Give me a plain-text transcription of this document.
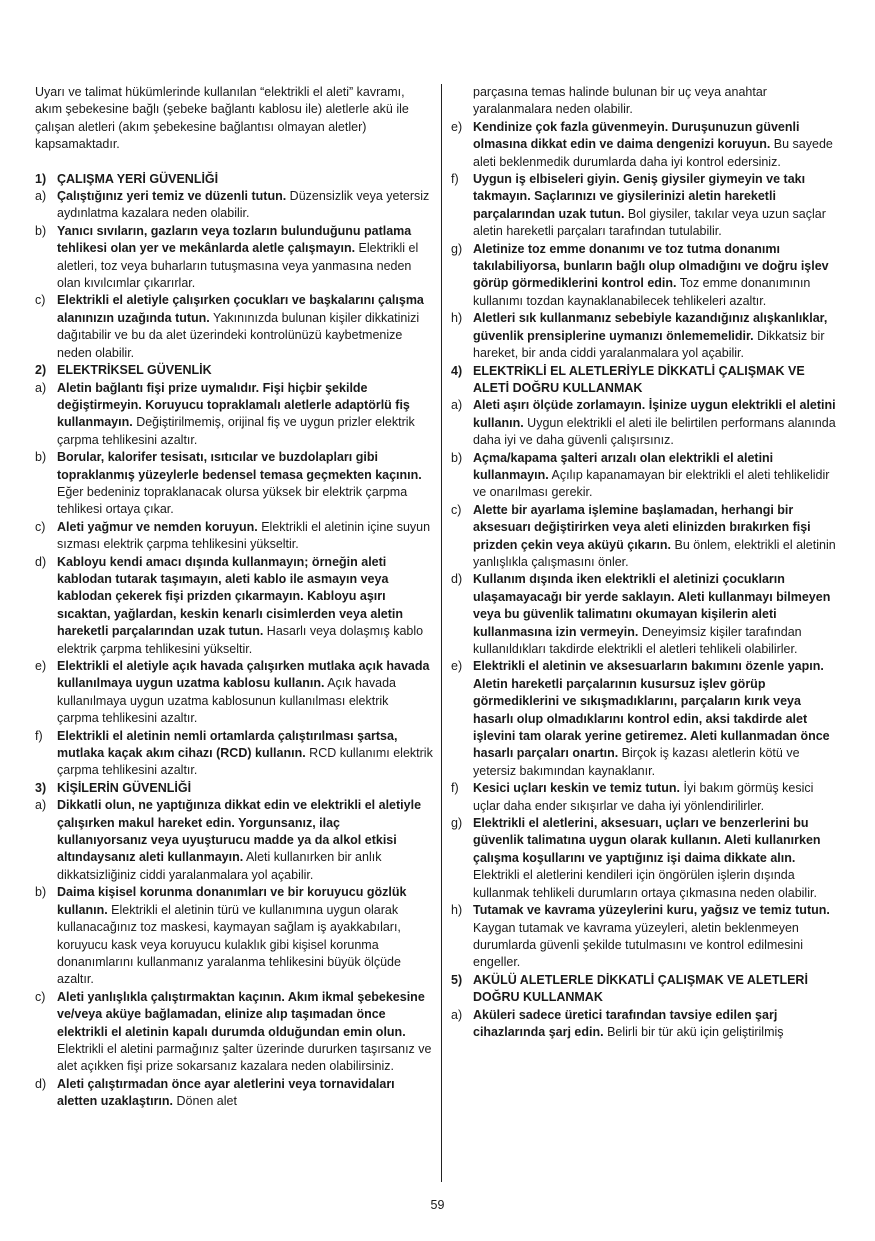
Uyarı ve talimat hükümlerinde kullanılan “elektrikli el aleti” kavramı, akım şebekesine bağlı (şebeke bağlantı kablosu ile) aletlerle akü ile çalışan aletleri (akım şebekesine bağlantısı olmayan aletler) kapsamaktadır.

1) ÇALIŞMA YERİ GÜVENLİĞİ
a) Çalıştığınız yeri temiz ve düzenli tutun. Düzensizlik veya yetersiz aydınlatma kazalara neden olabilir.
b) Yanıcı sıvıların, gazların veya tozların bulunduğunu patlama tehlikesi olan yer ve mekânlarda aletle çalışmayın. Elektrikli el aletleri, toz veya buharların tutuşmasına veya yanmasına neden olan kıvılcımlar çıkarırlar.
c) Elektrikli el aletiyle çalışırken çocukları ve başkalarını çalışma alanınızın uzağında tutun. Yakınınızda bulunan kişiler dikkatinizi dağıtabilir ve bu da alet üzerindeki kontrolünüzü kaybetmenize neden olabilir.
2) ELEKTRİKSEL GÜVENLİK
a) Aletin bağlantı fişi prize uymalıdır. Fişi hiçbir şekilde değiştirmeyin. Koruyucu topraklamalı aletlerle adaptörlü fiş kullanmayın. Değiştirilmemiş, orijinal fiş ve uygun prizler elektrik çarpma tehlikesini azaltır.
b) Borular, kalorifer tesisatı, ısıtıcılar ve buzdolapları gibi topraklanmış yüzeylerle bedensel temasa geçmekten kaçının. Eğer bedeniniz topraklanacak olursa yüksek bir elektrik çarpma tehlikesi ortaya çıkar.
c) Aleti yağmur ve nemden koruyun. Elektrikli el aletinin içine suyun sızması elektrik çarpma tehlikesini yükseltir.
d) Kabloyu kendi amacı dışında kullanmayın; örneğin aleti kablodan tutarak taşımayın, aleti kablo ile asmayın veya kablodan çekerek fişi prizden çıkarmayın. Kabloyu aşırı sıcaktan, yağlardan, keskin kenarlı cisimlerden veya aletin hareketli parçalarından uzak tutun. Hasarlı veya dolaşmış kablo elektrik çarpma tehlikesini yükseltir.
e) Elektrikli el aletiyle açık havada çalışırken mutlaka açık havada kullanılmaya uygun uzatma kablosu kullanın. Açık havada kullanılmaya uygun uzatma kablosunun kullanılması elektrik çarpma tehlikesini azaltır.
f)	Elektrikli el aletinin nemli ortamlarda çalıştırılması şartsa, mutlaka kaçak akım cihazı (RCD) kullanın. RCD kullanımı elektrik çarpma tehlikesini azaltır.
3) KİŞİLERİN GÜVENLİĞİ
a) Dikkatli olun, ne yaptığınıza dikkat edin ve elektrikli el aletiyle çalışırken makul hareket edin. Yorgunsanız, ilaç kullanıyorsanız veya uyuşturucu madde ya da alkol etkisi altındaysanız aleti kullanmayın. Aleti kullanırken bir anlık dikkatsizliğiniz ciddi yaralanmalara yol açabilir.
b) Daima kişisel korunma donanımları ve bir koruyucu gözlük kullanın. Elektrikli el aletinin türü ve kullanımına uygun olarak kullanacağınız toz maskesi, kaymayan sağlam iş ayakkabıları, koruyucu kask veya koruyucu kulaklık gibi kişisel korunma donanımlarını kullanmanız yaralanma tehlikesini büyük ölçüde azaltır.
c) Aleti yanlışlıkla çalıştırmaktan kaçının. Akım ikmal şebekesine ve/veya aküye bağlamadan, elinize alıp taşımadan önce elektrikli el aletinin kapalı durumda olduğundan emin olun. Elektrikli el aletini parmağınız şalter üzerinde dururken taşırsanız ve alet açıkken fişi prize sokarsanız kazalara neden olabilirsiniz.
d) Aleti çalıştırmadan önce ayar aletlerini veya tornavidaları aletten uzaklaştırın. Dönen alet

parçasına temas halinde bulunan bir uç veya anahtar yaralanmalara neden olabilir.

e) Kendinize çok fazla güvenmeyin. Duruşunuzun güvenli olmasına dikkat edin ve daima dengenizi koruyun. Bu sayede aleti beklenmedik durumlarda daha iyi kontrol edersiniz.
f)	Uygun iş elbiseleri giyin. Geniş giysiler giymeyin ve takı takmayın. Saçlarınızı ve giysilerinizi aletin hareketli parçalarından uzak tutun. Bol giysiler, takılar veya uzun saçlar aletin hareketli parçaları tarafından tutulabilir.
g) Aletinize toz emme donanımı ve toz tutma donanımı takılabiliyorsa, bunların bağlı olup olmadığını ve doğru işlev görüp görmediklerini kontrol edin. Toz emme donanımının kullanımı tozdan kaynaklanabilecek tehlikeleri azaltır.
h) Aletleri sık kullanmanız sebebiyle kazandığınız alışkanlıklar, güvenlik prensiplerine uymanızı önlememelidir. Dikkatsiz bir hareket, bir anda ciddi yaralanmalara yol açabilir.
4) ELEKTRİKLİ EL ALETLERİYLE DİKKATLİ ÇALIŞMAK VE ALETİ DOĞRU KULLANMAK
a) Aleti aşırı ölçüde zorlamayın. İşinize uygun elektrikli el aletini kullanın. Uygun elektrikli el aleti ile belirtilen performans alanında daha iyi ve daha güvenli çalışırsınız.
b) Açma/kapama şalteri arızalı olan elektrikli el aletini kullanmayın. Açılıp kapanamayan bir elektrikli el aleti tehlikelidir ve onarılması gerekir.
c) Alette bir ayarlama işlemine başlamadan, herhangi bir aksesuarı değiştirirken veya aleti elinizden bırakırken fişi prizden çekin veya aküyü çıkarın. Bu önlem, elektrikli el aletinin yanlışlıkla çalışmasını önler.
d) Kullanım dışında iken elektrikli el aletinizi çocukların ulaşamayacağı bir yerde saklayın. Aleti kullanmayı bilmeyen veya bu güvenlik talimatını okumayan kişilerin aleti kullanmasına izin vermeyin. Deneyimsiz kişiler tarafından kullanıldıkları takdirde elektrikli el aletleri tehlikeli olabilirler.
e) Elektrikli el aletinin ve aksesuarların bakımını özenle yapın. Aletin hareketli parçalarının kusursuz işlev görüp görmediklerini ve sıkışmadıklarını, parçaların kırık veya hasarlı olup olmadıklarını kontrol edin, aksi takdirde alet işlevini tam olarak yerine getiremez. Aleti kullanmadan önce hasarlı parçaları onartın. Birçok iş kazası aletlerin kötü ve yetersiz bakımından kaynaklanır.
f)	Kesici uçları keskin ve temiz tutun. İyi bakım görmüş kesici uçlar daha ender sıkışırlar ve daha iyi yönlendirilirler.
g) Elektrikli el aletlerini, aksesuarı, uçları ve benzerlerini bu güvenlik talimatına uygun olarak kullanın. Aleti kullanırken çalışma koşullarını ve yaptığınız işi daima dikkate alın. Elektrikli el aletlerini kendileri için öngörülen işlerin dışında kullanmak tehlikeli durumların ortaya çıkmasına neden olabilir.
h) Tutamak ve kavrama yüzeylerini kuru, yağsız ve temiz tutun. Kaygan tutamak ve kavrama yüzeyleri, aletin beklenmeyen durumlarda güvenli şekilde tutulmasını ve kontrol edilmesini engeller.
5) AKÜLÜ ALETLERLE DİKKATLİ ÇALIŞMAK VE ALETLERİ DOĞRU KULLANMAK
a) Aküleri sadece üretici tarafından tavsiye edilen şarj cihazlarında şarj edin. Belirli bir tür akü için geliştirilmiş
59
